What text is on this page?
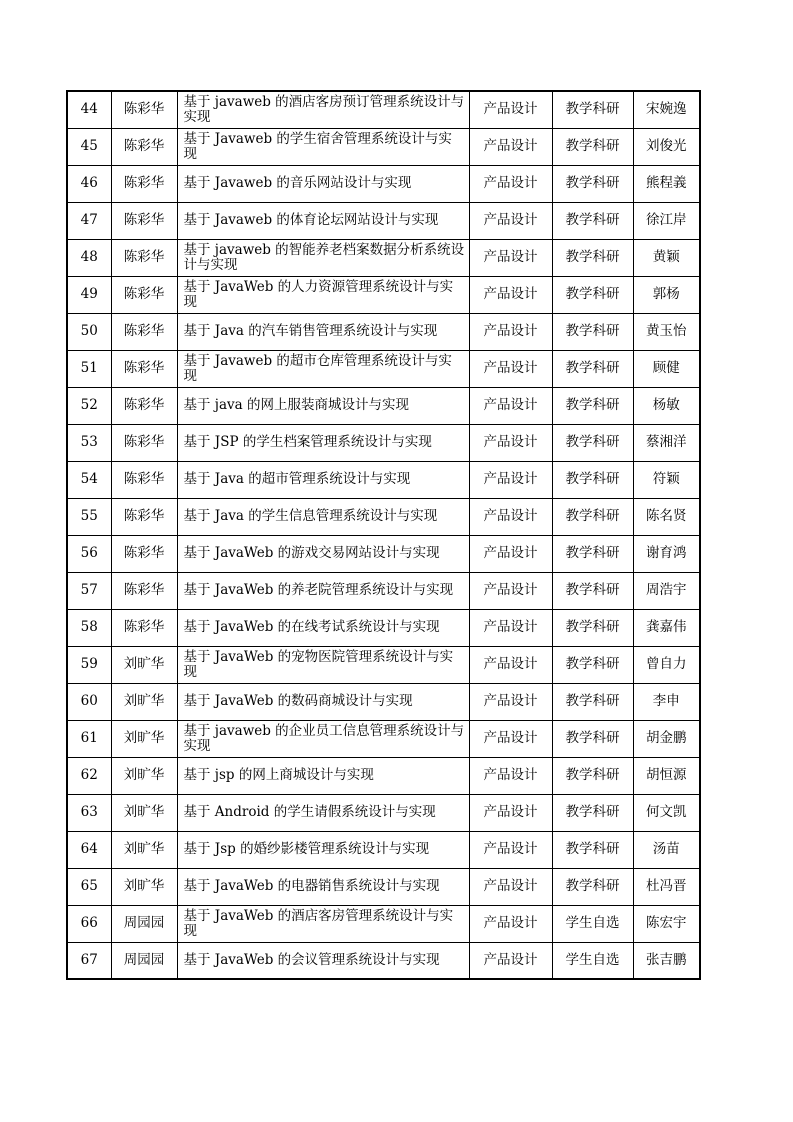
44	陈彩华	基于 javaweb 的酒店客房预订管理系统设计与实现	产品设计	教学科研	宋婉逸
45	陈彩华	基于 Javaweb 的学生宿舍管理系统设计与实现	产品设计	教学科研	刘俊光
46	陈彩华	基于 Javaweb 的音乐网站设计与实现	产品设计	教学科研	熊程義
47	陈彩华	基于 Javaweb 的体育论坛网站设计与实现	产品设计	教学科研	徐江岸
48	陈彩华	基于 javaweb 的智能养老档案数据分析系统设计与实现	产品设计	教学科研	黄颖
49	陈彩华	基于 JavaWeb 的人力资源管理系统设计与实现	产品设计	教学科研	郭杨
50	陈彩华	基于 Java 的汽车销售管理系统设计与实现	产品设计	教学科研	黄玉怡
51	陈彩华	基于 Javaweb 的超市仓库管理系统设计与实现	产品设计	教学科研	顾健
52	陈彩华	基于 java 的网上服装商城设计与实现	产品设计	教学科研	杨敏
53	陈彩华	基于 JSP 的学生档案管理系统设计与实现	产品设计	教学科研	蔡湘洋
54	陈彩华	基于 Java 的超市管理系统设计与实现	产品设计	教学科研	符颖
55	陈彩华	基于 Java 的学生信息管理系统设计与实现	产品设计	教学科研	陈名贤
56	陈彩华	基于 JavaWeb 的游戏交易网站设计与实现	产品设计	教学科研	谢育鸿
57	陈彩华	基于 JavaWeb 的养老院管理系统设计与实现	产品设计	教学科研	周浩宇
58	陈彩华	基于 JavaWeb 的在线考试系统设计与实现	产品设计	教学科研	龚嘉伟
59	刘旷华	基于 JavaWeb 的宠物医院管理系统设计与实现	产品设计	教学科研	曾自力
60	刘旷华	基于 JavaWeb 的数码商城设计与实现	产品设计	教学科研	李申
61	刘旷华	基于 javaweb 的企业员工信息管理系统设计与实现	产品设计	教学科研	胡金鹏
62	刘旷华	基于 jsp 的网上商城设计与实现	产品设计	教学科研	胡恒源
63	刘旷华	基于 Android 的学生请假系统设计与实现	产品设计	教学科研	何文凯
64	刘旷华	基于 Jsp 的婚纱影楼管理系统设计与实现	产品设计	教学科研	汤苗
65	刘旷华	基于 JavaWeb 的电器销售系统设计与实现	产品设计	教学科研	杜冯晋
66	周园园	基于 JavaWeb 的酒店客房管理系统设计与实现	产品设计	学生自选	陈宏宇
67	周园园	基于 JavaWeb 的会议管理系统设计与实现	产品设计	学生自选	张吉鹏
